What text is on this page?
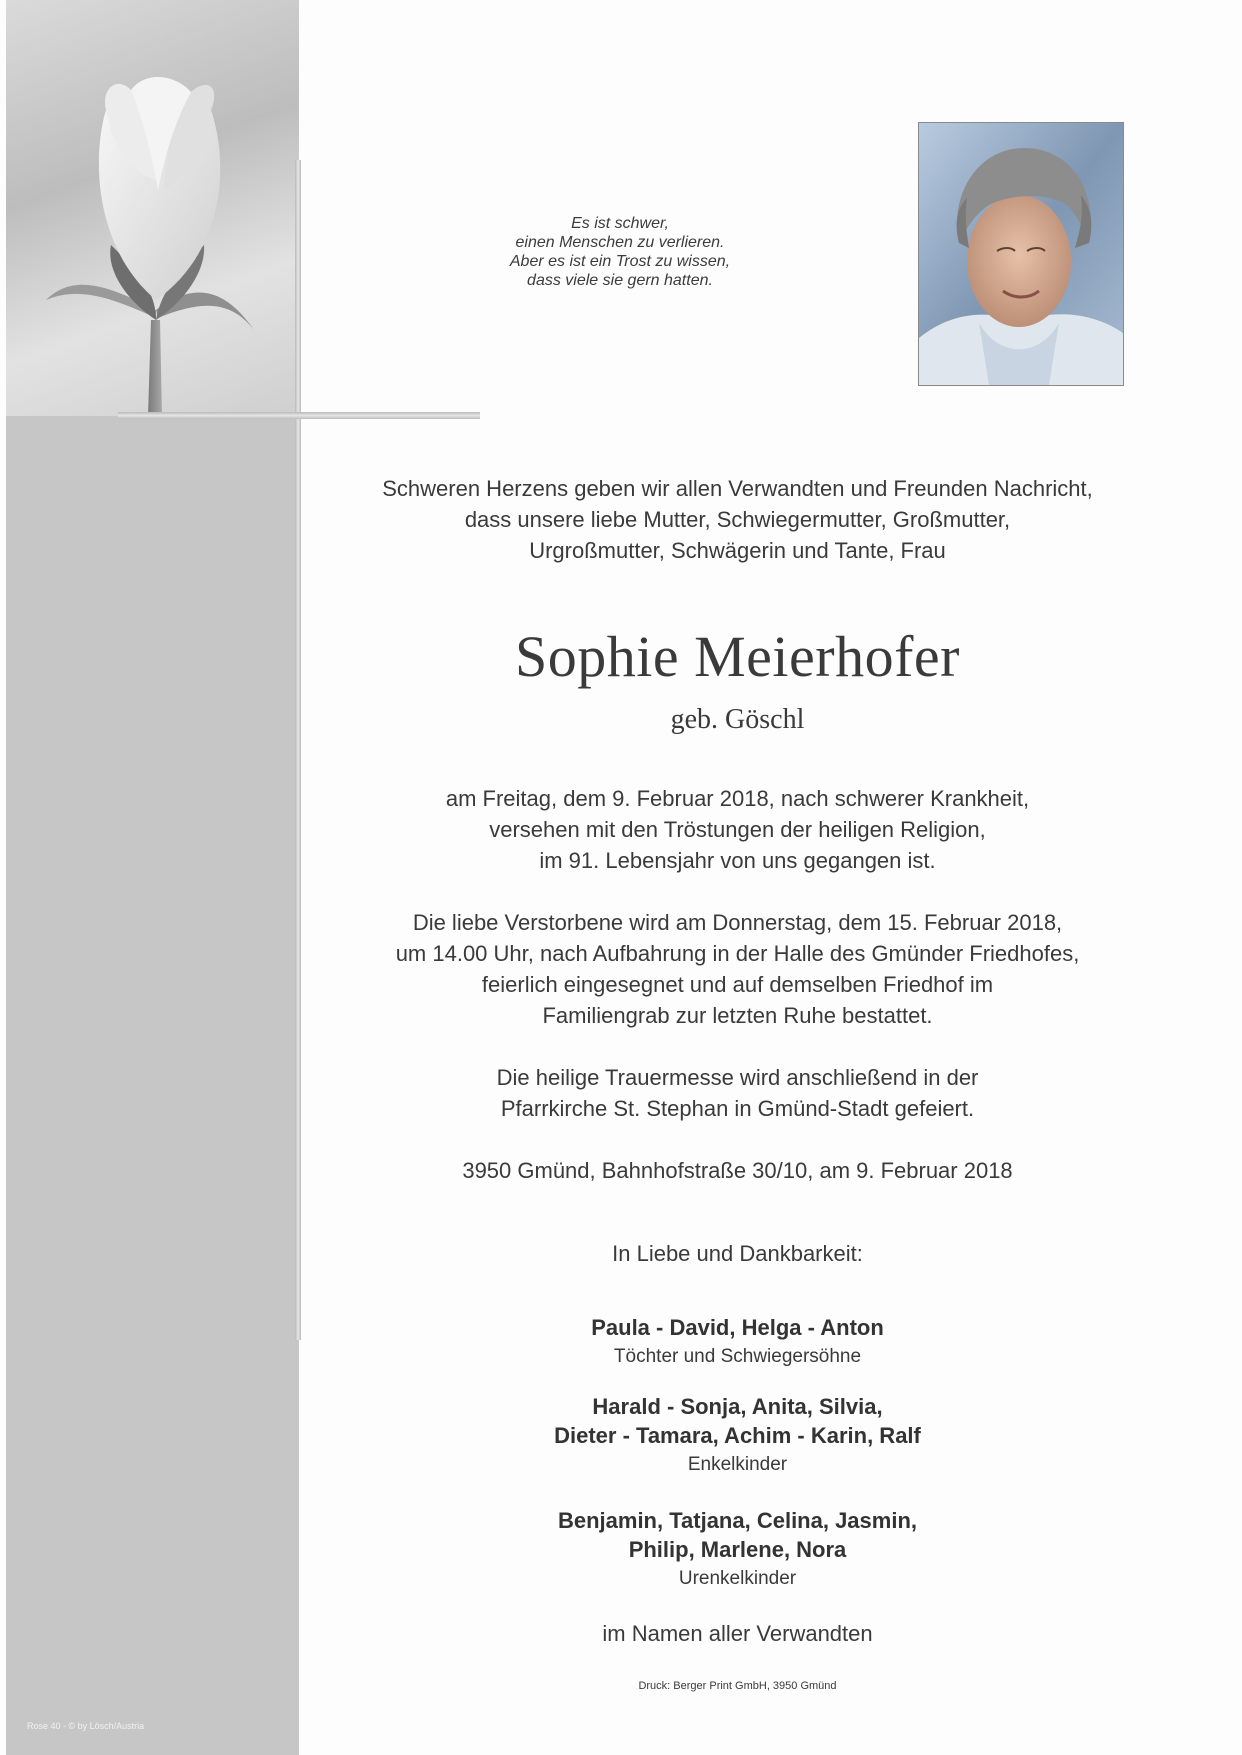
Es ist schwer,
einen Menschen zu verlieren.
Aber es ist ein Trost zu wissen,
dass viele sie gern hatten.
Schweren Herzens geben wir allen Verwandten und Freunden Nachricht,
dass unsere liebe Mutter, Schwiegermutter, Großmutter,
Urgroßmutter, Schwägerin und Tante, Frau
Sophie Meierhofer
geb. Göschl
am Freitag, dem 9. Februar 2018, nach schwerer Krankheit,
versehen mit den Tröstungen der heiligen Religion,
im 91. Lebensjahr von uns gegangen ist.
Die liebe Verstorbene wird am Donnerstag, dem 15. Februar 2018,
um 14.00 Uhr, nach Aufbahrung in der Halle des Gmünder Friedhofes,
feierlich eingesegnet und auf demselben Friedhof im
Familiengrab zur letzten Ruhe bestattet.
Die heilige Trauermesse wird anschließend in der
Pfarrkirche St. Stephan in Gmünd-Stadt gefeiert.
3950 Gmünd, Bahnhofstraße 30/10, am 9. Februar 2018
In Liebe und Dankbarkeit:
Paula - David, Helga - Anton
Töchter und Schwiegersöhne
Harald - Sonja, Anita, Silvia,
Dieter - Tamara, Achim - Karin, Ralf
Enkelkinder
Benjamin, Tatjana, Celina, Jasmin,
Philip, Marlene, Nora
Urenkelkinder
im Namen aller Verwandten
Druck: Berger Print GmbH, 3950 Gmünd
Rose 40 - © by Lösch/Austria
